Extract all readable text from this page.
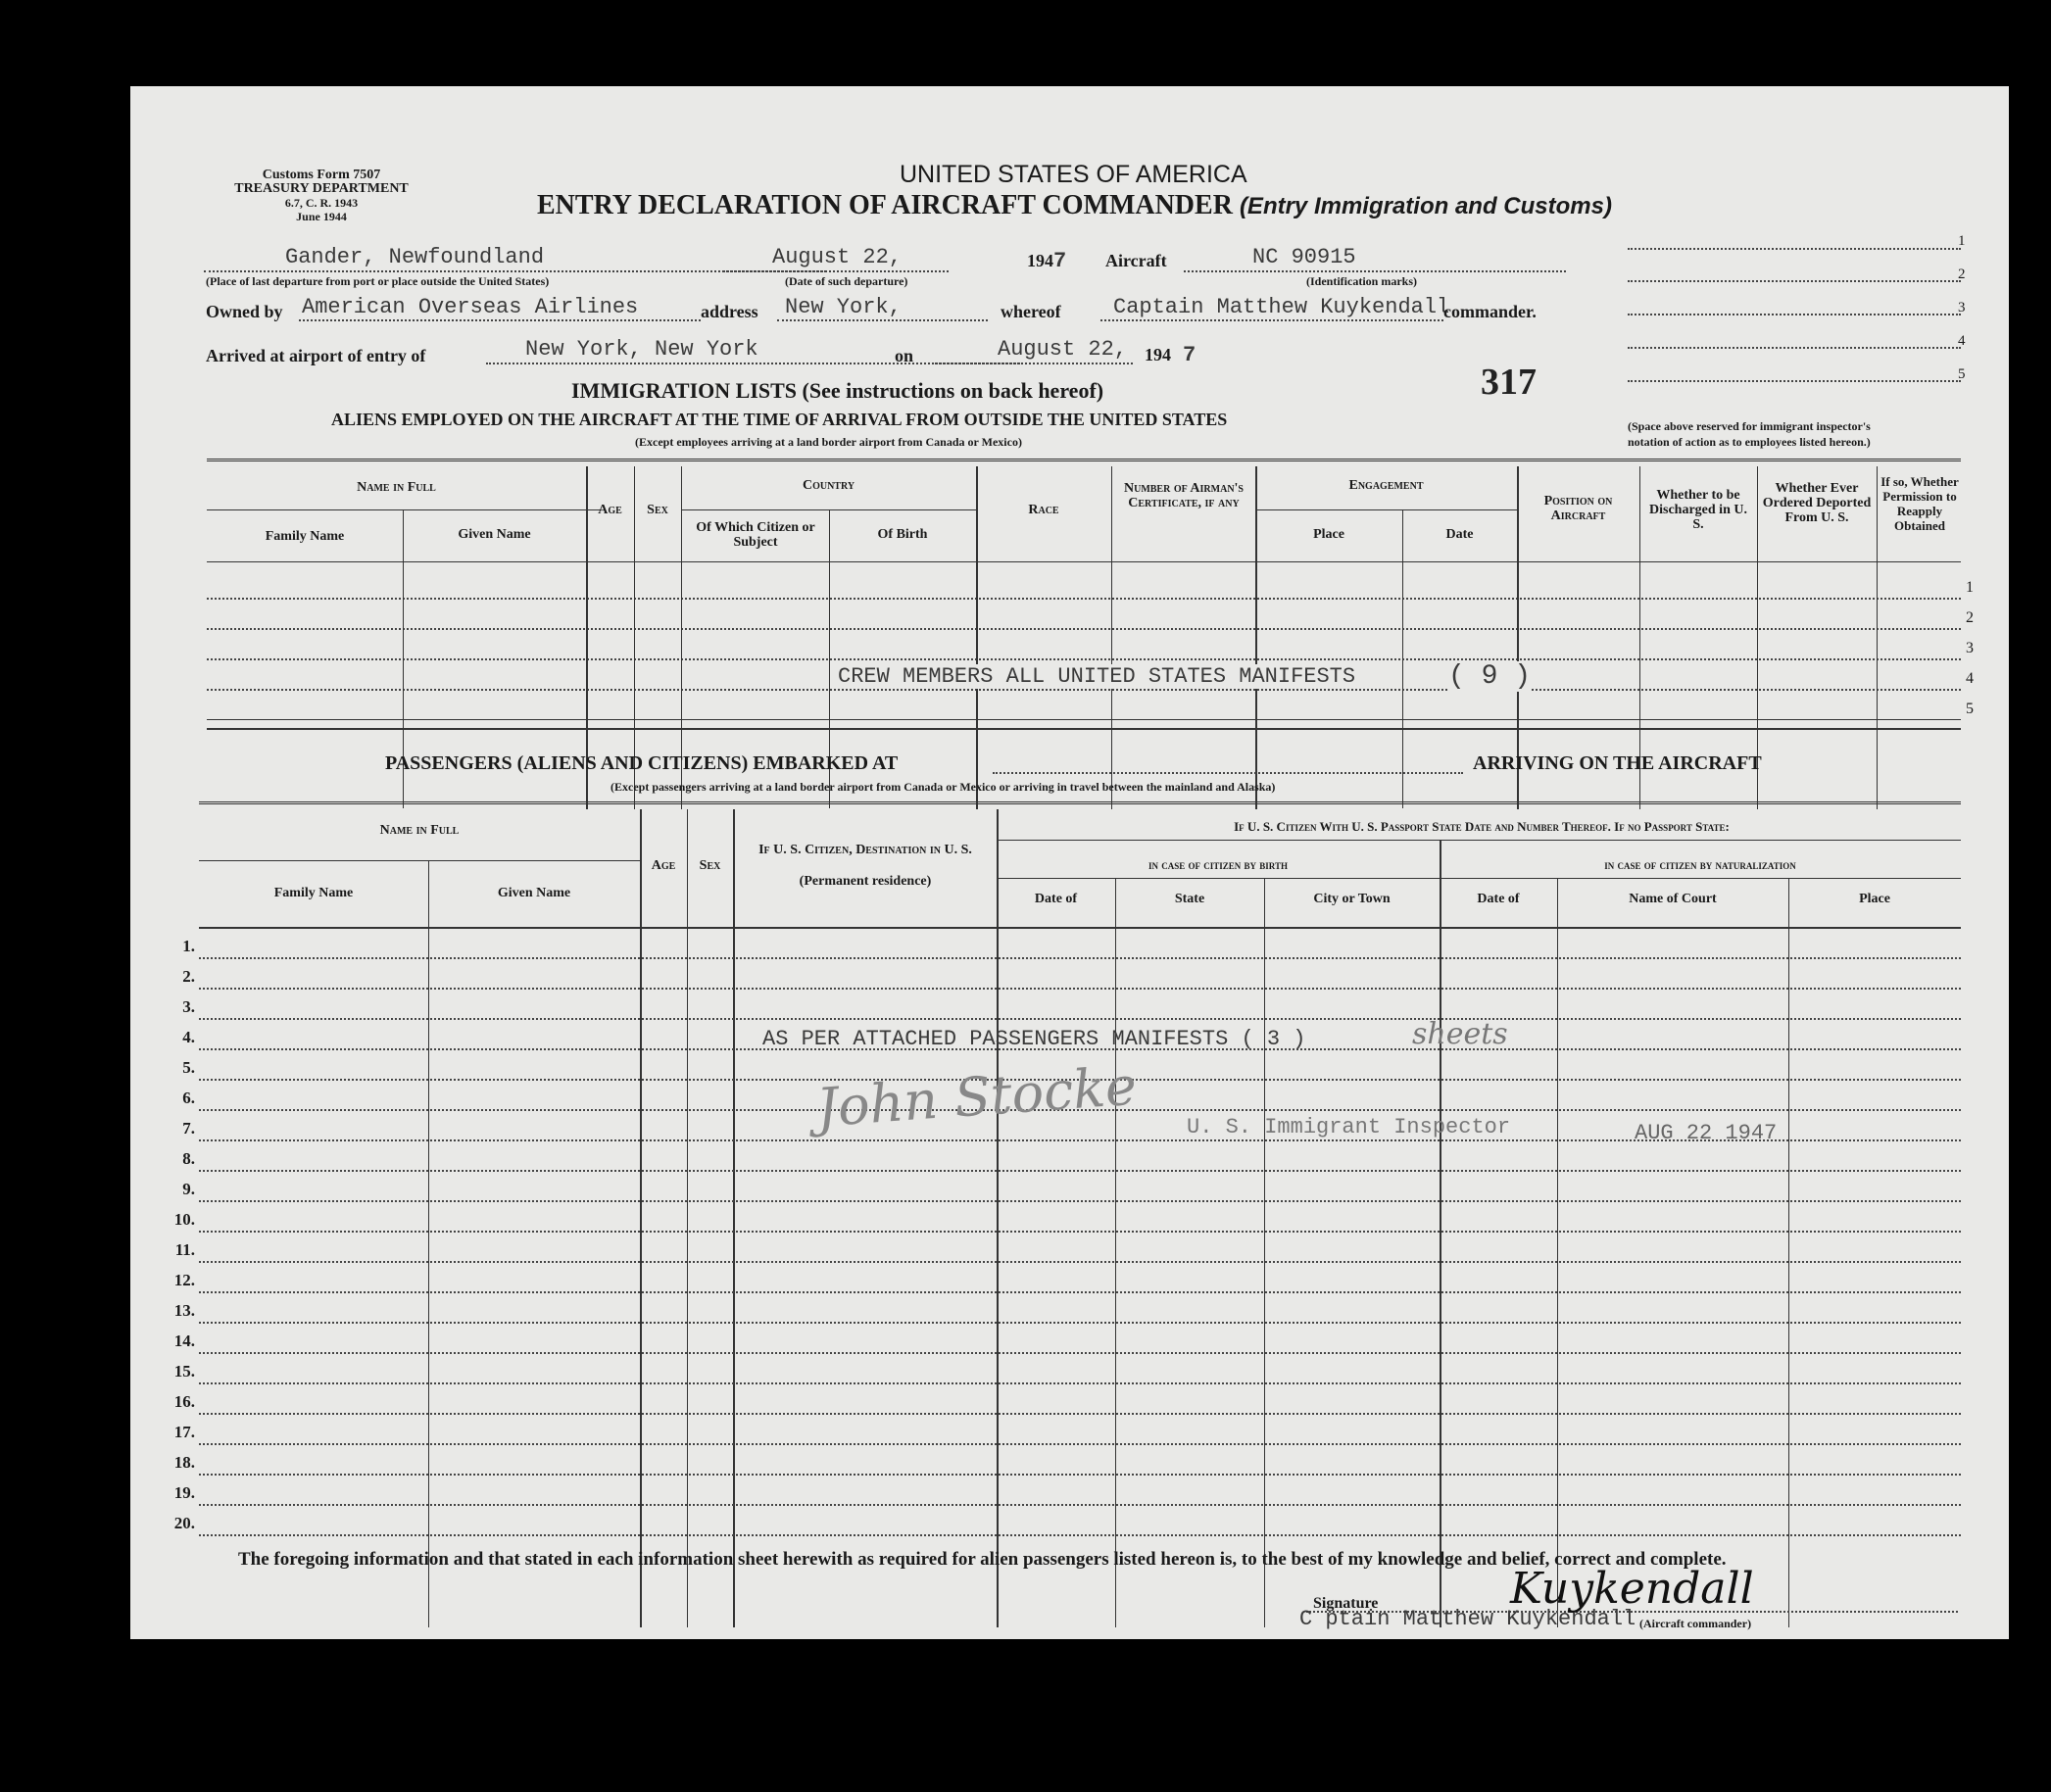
Customs Form 7507
TREASURY DEPARTMENT
6.7, C. R. 1943
June 1944
UNITED STATES OF AMERICA
ENTRY DECLARATION OF AIRCRAFT COMMANDER (Entry Immigration and Customs)
Gander, Newfoundland
(Place of last departure from port or place outside the United States)
August 22,
(Date of such departure)
1947 Aircraft	NC 90915
(Identification marks)
Owned by American Overseas Airlines	address New York,	whereof Captain Matthew Kuykendall
commander.
Arrived at airport of entry of	New York, New York	on	August 22, 194 7
317
1
2
3
4
5
(Space above reserved for immigrant inspector's
notation of action as to employees listed hereon.)
IMMIGRATION LISTS (See instructions on back hereof)
ALIENS EMPLOYED ON THE AIRCRAFT AT THE TIME OF ARRIVAL FROM OUTSIDE THE UNITED STATES
(Except employees arriving at a land border airport from Canada or Mexico)
Name in Full
Family Name	Given Name
Age	Sex
Country
Of Which Citizen or Subject
Of Birth
Race
Number of Airman's Certificate, if any
Engagement
Place	Date
Position on Aircraft
Whether to be Discharged in U. S.
Whether Ever Ordered Deported From U. S.
If so, Whether Permission to Reapply Obtained
1
2
3
4
5
CREW MEMBERS ALL UNITED STATES MANIFESTS	( 9 )
PASSENGERS (ALIENS AND CITIZENS) EMBARKED AT	ARRIVING ON THE AIRCRAFT
(Except passengers arriving at a land border airport from Canada or Mexico or arriving in travel between the mainland and Alaska)
Name in Full
Family Name	Given Name
Age	Sex
If U. S. Citizen, Destination in U. S.
(Permanent residence)
If U. S. Citizen With U. S. Passport State Date and Number Thereof. If no Passport State:
in case of citizen by birth	in case of citizen by naturalization
Date of	State	City or Town	Date of	Name of Court	Place
1.
2.
3.
4.
5.
6.
7.
8.
9.
10.
11.
12.
13.
14.
15.
16.
17.
18.
19.
20.
AS PER ATTACHED PASSENGERS MANIFESTS ( 3 )	sheets
John Stocke U. S. Immigrant Inspector	AUG 22 1947
The foregoing information and that stated in each information sheet herewith as required for alien passengers listed hereon is, to the best of my knowledge and belief, correct and complete.
Signature	Kuykendall
C ptain Matthew Kuykendall (Aircraft commander)
